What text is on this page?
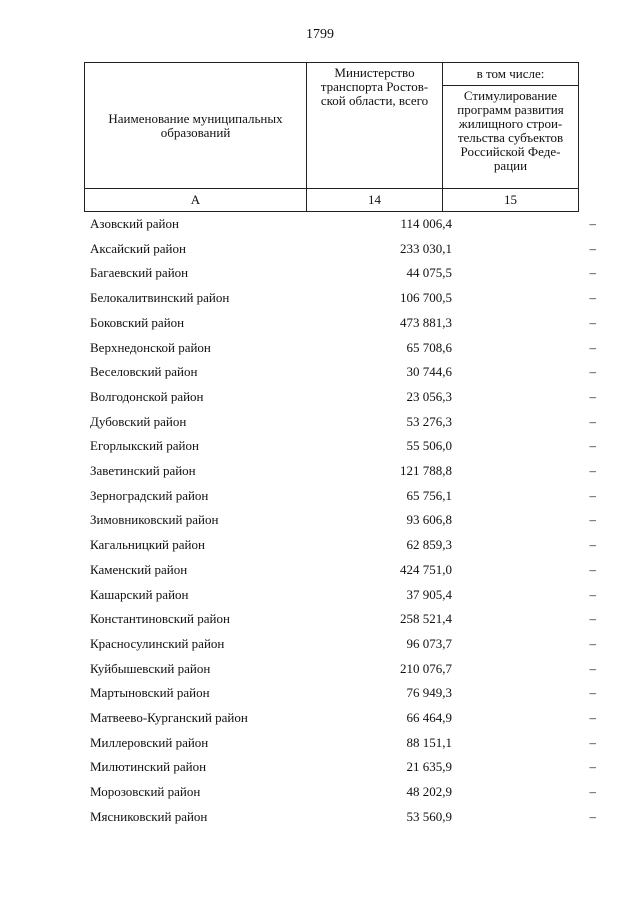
1799
Наименование муниципальных образований	Министерство транспорта Ростов-ской области, всего	в том числе:
		Стимулирование программ развития жилищного строи-тельства субъектов Российской Феде-рации
А	14	15
Азовский район	114 006,4	–
Аксайский район	233 030,1	–
Багаевский район	44 075,5	–
Белокалитвинский район	106 700,5	–
Боковский район	473 881,3	–
Верхнедонской район	65 708,6	–
Веселовский район	30 744,6	–
Волгодонской район	23 056,3	–
Дубовский район	53 276,3	–
Егорлыкский район	55 506,0	–
Заветинский район	121 788,8	–
Зерноградский район	65 756,1	–
Зимовниковский район	93 606,8	–
Кагальницкий район	62 859,3	–
Каменский район	424 751,0	–
Кашарский район	37 905,4	–
Константиновский район	258 521,4	–
Красносулинский район	96 073,7	–
Куйбышевский район	210 076,7	–
Мартыновский район	76 949,3	–
Матвеево-Курганский район	66 464,9	–
Миллеровский район	88 151,1	–
Милютинский район	21 635,9	–
Морозовский район	48 202,9	–
Мясниковский район	53 560,9	–
